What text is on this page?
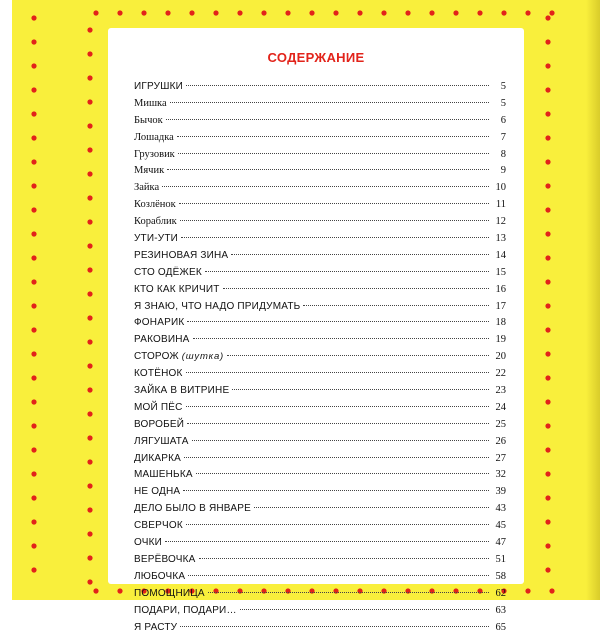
СОДЕРЖАНИЕ
ИГРУШКИ	5
Мишка	5
Бычок	6
Лошадка	7
Грузовик	8
Мячик	9
Зайка	10
Козлёнок	11
Кораблик	12
УТИ-УТИ	13
РЕЗИНОВАЯ ЗИНА	14
СТО ОДЁЖЕК	15
КТО КАК КРИЧИТ	16
Я ЗНАЮ, ЧТО НАДО ПРИДУМАТЬ	17
ФОНАРИК	18
РАКОВИНА	19
СТОРОЖ (шутка)	20
КОТЁНОК	22
ЗАЙКА В ВИТРИНЕ	23
МОЙ ПЁС	24
ВОРОБЕЙ	25
ЛЯГУШАТА	26
ДИКАРКА	27
МАШЕНЬКА	32
НЕ ОДНА	39
ДЕЛО БЫЛО В ЯНВАРЕ	43
СВЕРЧОК	45
ОЧКИ	47
ВЕРЁВОЧКА	51
ЛЮБОЧКА	58
ПОМОЩНИЦА	62
ПОДАРИ, ПОДАРИ…	63
Я РАСТУ	65
